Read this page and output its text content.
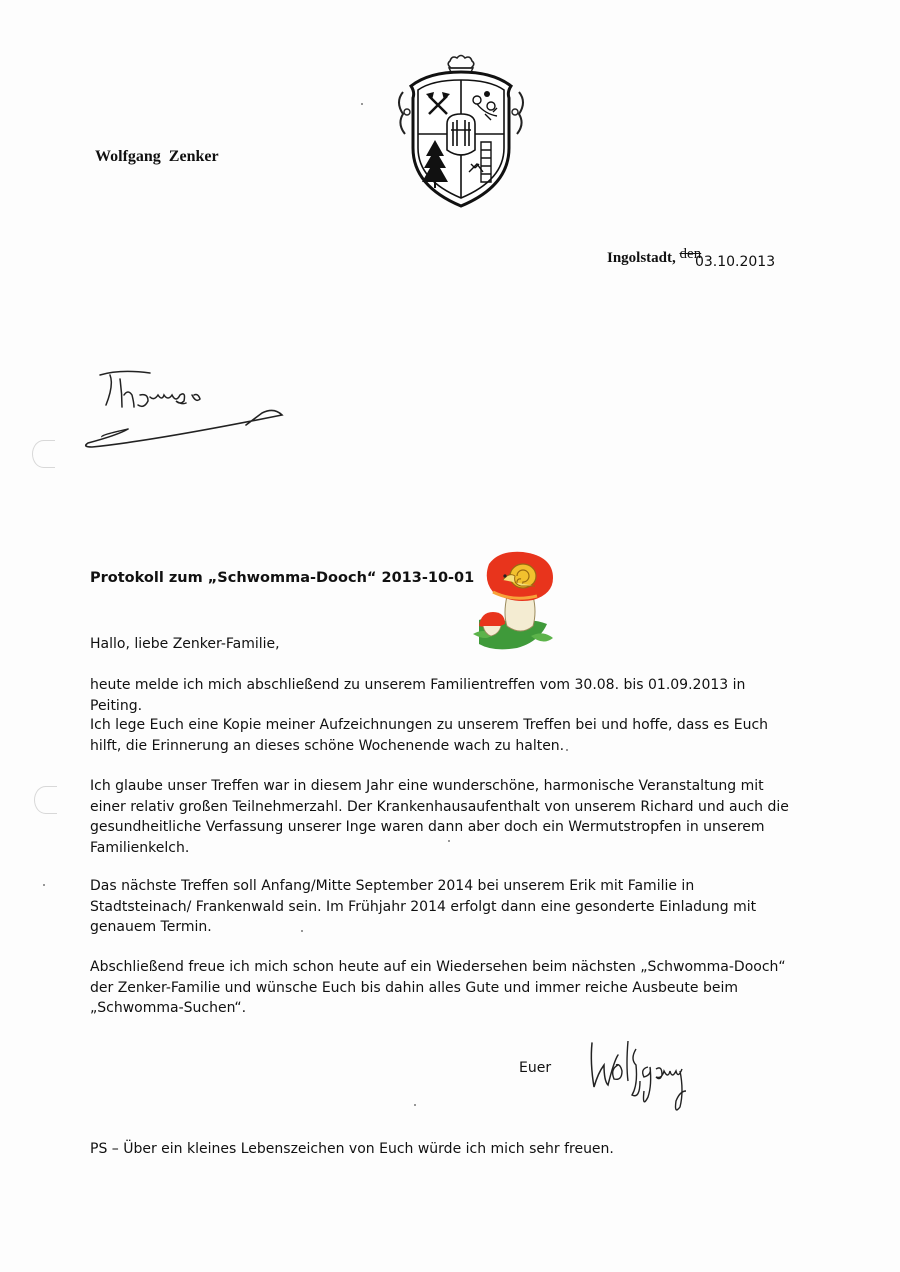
Wolfgang Zenker
Ingolstadt, den 03.10.2013
Protokoll zum „Schwomma-Dooch“ 2013-10-01
Hallo, liebe Zenker-Familie,

heute melde ich mich abschließend zu unserem Familientreffen vom 30.08. bis 01.09.2013 in Peiting.

Ich lege Euch eine Kopie meiner Aufzeichnungen zu unserem Treffen bei und hoffe, dass es Euch hilft, die Erinnerung an dieses schöne Wochenende wach zu halten.

Ich glaube unser Treffen war in diesem Jahr eine wunderschöne, harmonische Veranstaltung mit einer relativ großen Teilnehmerzahl. Der Krankenhausaufenthalt von unserem Richard und auch die gesundheitliche Verfassung unserer Inge waren dann aber doch ein Wermutstropfen in unserem Familienkelch.

Das nächste Treffen soll Anfang/Mitte September 2014 bei unserem Erik mit Familie in Stadtsteinach/ Frankenwald sein. Im Frühjahr 2014 erfolgt dann eine gesonderte Einladung mit genauem Termin.

Abschließend freue ich mich schon heute auf ein Wiedersehen beim nächsten „Schwomma-Dooch“ der Zenker-Familie und wünsche Euch bis dahin alles Gute und immer reiche Ausbeute beim „Schwomma-Suchen“.

Euer
PS – Über ein kleines Lebenszeichen von Euch würde ich mich sehr freuen.
